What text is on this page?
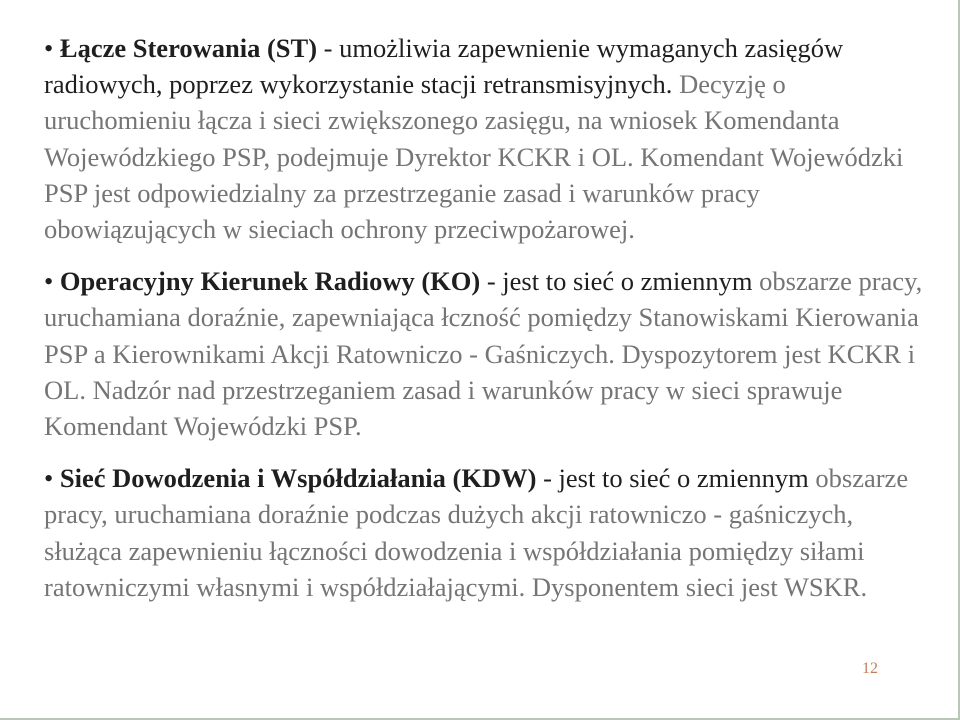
• Łącze Sterowania (ST) - umożliwia zapewnienie wymaganych zasięgów radiowych, poprzez wykorzystanie stacji retransmisyjnych. Decyzję o uruchomieniu łącza i sieci zwiększonego zasięgu, na wniosek Komendanta Wojewódzkiego PSP, podejmuje Dyrektor KCKR i OL. Komendant Wojewódzki PSP jest odpowiedzialny za przestrzeganie zasad i warunków pracy obowiązujących w sieciach ochrony przeciwpożarowej.

• Operacyjny Kierunek Radiowy (KO) - jest to sieć o zmiennym obszarze pracy, uruchamiana doraźnie, zapewniająca łczność pomiędzy Stanowiskami Kierowania PSP a Kierownikami Akcji Ratowniczo - Gaśniczych. Dyspozytorem jest KCKR i OL. Nadzór nad przestrzeganiem zasad i warunków pracy w sieci sprawuje Komendant Wojewódzki PSP.

• Sieć Dowodzenia i Współdziałania (KDW) - jest to sieć o zmiennym obszarze pracy, uruchamiana doraźnie podczas dużych akcji ratowniczo - gaśniczych, służąca zapewnieniu łączności dowodzenia i współdziałania pomiędzy siłami ratowniczymi własnymi i współdziałającymi. Dysponentem sieci jest WSKR.

12
